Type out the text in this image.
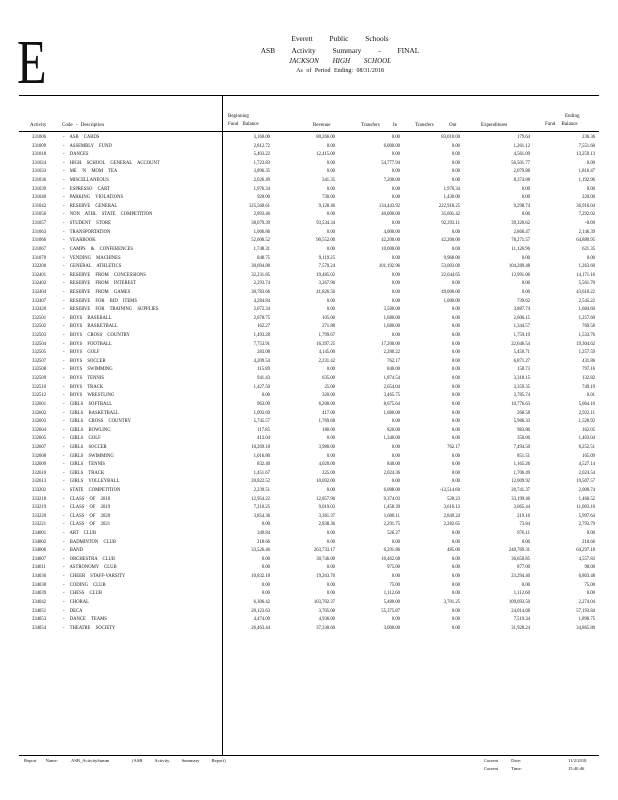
E	Everett Public Schools
ASB Activity Summary - FINAL
JACKSON HIGH SCHOOL
As of Period Ending: 08/31/2018
Activity	Code - Description
Beginning
Fund Balance	Revenue	Transfers In	Transfers Out	Expenditures
Ending
Fund Balance
331006	- ASB CARDS	3,160.00	80,266.00	0.00	83,010.00	179.64	236.36
331009	- ASSEMBLY FUND	2,812.72	0.00	6,000.00	0.00	1,261.12	7,551.60
331018	- DANCES	5,403.22	12,415.00	0.00	0.00	4,561.09	13,259.13
331024	- HIGH SCHOOL GENERAL ACCOUNT	1,723.83	0.00	54,777.94	0.00	56,501.77	0.00
331033	- ME 'N MOM TEA	3,896.35	0.00	0.00	0.00	2,079.88	1,816.47
331036	- MISCELLANEOUS	2,026.49	341.35	7,200.00	0.00	8,374.88	1,192.96
331039	- ESPRESSO CART	1,976.34	0.00	0.00	1,976.34	0.00	0.00
331040	- PARKING VIOLATIONS	920.00	730.00	0.00	1,430.00	0.00	220.00
331042	- RESERVE GENERAL	125,560.61	9,128.46	134,443.92	222,918.25	9,298.74	36,916.04
331056	- NON ATHL STATE COMPETITION	2,893.46	0.00	40,000.00	35,601.42	0.00	7,292.02
331057	- STUDENT STORE	38,079.39	93,534.34	0.00	92,293.11	39,320.62	-0.00
331063	- TRANSPORTATION	1,006.86	0.00	4,000.00	0.00	2,860.47	2,146.39
331066	- YEARBOOK	52,600.52	90,552.00	42,200.00	42,200.00	78,271.57	64,880.95
331067	- CAMPS & CONFERENCES	1,748.31	0.00	10,000.00	0.00	11,126.96	621.35
331070	- VENDING MACHINES	848.75	9,119.25	0.00	9,968.00	0.00	0.00
332200	- GENERAL ATHLETICS	30,694.88	7,570.24	101,192.96	53,003.00	104,289.48	1,263.60
332401	- RESERVE FROM CONCESSIONS	32,231.85	19,485.02	0.00	22,644.65	13,991.06	14,171.16
332402	- RESERVE FROM INTEREST	2,293.74	3,267.96	0.00	0.00	0.00	5,561.70
332404	- RESERVE FROM GAMES	30,783.66	41,826.56	0.00	49,000.00	0.00	43,610.22
332407	- RESERVE FOR BID ITEMS	4,284.84	0.00	0.00	1,000.00	739.62	2,545.22
332420	- RESERVE FOR TRAINING SUPPLIES	2,072.34	0.00	3,500.00	0.00	3,887.74	1,684.60
332501	- BOYS BASEBALL	2,078.75	105.00	1,680.00	0.00	2,606.15	1,257.60
332502	- BOYS BASKETBALL	162.27	271.88	1,680.00	0.00	1,344.57	769.58
332503	- BOYS CROSS COUNTRY	1,493.28	1,799.67	0.00	0.00	1,759.19	1,533.76
332504	- BOYS FOOTBALL	7,753.91	16,397.25	17,200.00	0.00	22,046.54	19,304.62
332505	- BOYS GOLF	283.08	4,145.00	2,280.22	0.00	5,450.71	1,257.59
332507	- BOYS SOCCER	4,209.54	2,231.42	762.17	0.00	6,871.27	431.86
332508	- BOYS SWIMMING	115.89	0.00	840.00	0.00	158.73	797.16
332509	- BOYS TENNIS	941.43	635.00	1,874.54	0.00	3,318.15	132.82
332510	- BOYS TRACK	1,427.50	25.00	2,654.04	0.00	3,359.35	749.19
332512	- BOYS WRESTLING	0.00	320.00	3,465.75	0.00	3,785.74	0.01
332601	- GIRLS SOFTBALL	963.09	6,200.00	8,675.64	0.00	10,776.63	5,064.10
332602	- GIRLS BASKETBALL	1,093.69	417.00	1,680.00	0.00	268.58	2,922.11
332603	- GIRLS CROSS COUNTRY	5,745.57	1,769.68	0.00	0.00	5,986.33	1,528.92
332604	- GIRLS BOWLING	117.85	180.00	820.00	0.00	983.80	162.05
332605	- GIRLS GOLF	413.04	0.00	1,340.00	0.00	350.00	1,403.04
332607	- GIRLS SOCCER	10,269.18	3,980.00	0.00	762.17	7,494.50	6,252.51
332608	- GIRLS SWIMMING	1,016.80	0.00	0.00	0.00	851.51	165.09
332609	- GIRLS TENNIS	832.40	4,020.00	840.00	0.00	1,165.26	4,527.14
332610	- GIRLS TRACK	1,451.67	225.00	2,024.36	0.00	1,706.49	2,024.54
332613	- GIRLS VOLLEYBALL	20,822.52	10,692.00	0.00	0.00	12,009.92	19,507.57
333202	- STATE COMPETITION	2,239.51	0.00	6,088.00	-13,514.60	20,741.37	2,000.74
333218	- CLASS OF 2018	12,954.22	12,857.96	9,374.03	528.23	33,199.46	1,460.52
333219	- CLASS OF 2019	7,210.25	9,019.03	1,458.39	3,616.13	3,065.44	11,003.10
333220	- CLASS OF 2020	3,854.36	3,361.37	1,600.11	2,849.24	219.16	5,997.64
333221	- CLASS OF 2021	0.00	2,838.36	2,291.75	2,282.65	73.84	2,793.79
334001	- ART CLUB	349.84	0.00	526.27	0.00	876.11	0.00
334002	- BADMINTON CLUB	218.66	0.00	0.00	0.00	0.00	218.66
334006	- BAND	33,526.46	263,733.17	6,291.86	485.00	240,769.31	64,297.18
334007	- ORCHESTRA CLUB	0.00	30,746.00	10,462.68	0.00	36,650.85	4,557.83
334011	- ASTRONOMY CLUB	0.00	0.00	975.00	0.00	877.00	98.00
334036	- CHEER STAFF-VARSITY	10,832.18	19,263.70	0.00	0.00	23,294.40	6,803.48
334038	- CODING CLUB	0.00	0.00	75.00	0.00	0.00	75.00
334039	- CHESS CLUB	0.00	0.00	1,112.60	0.00	1,112.60	0.00
334042	- CHORAL	6,306.42	103,702.37	5,480.00	3,701.25	109,693.50	2,274.04
334051	- DECA	20,123.63	3,705.00	55,375.87	0.00	24,014.68	57,193.84
334053	- DANCE TEAMS	4,474.09	4,936.00	0.00	0.00	7,519.34	1,890.75
334054	- THEATRE SOCIETY	26,463.44	37,330.60	3,000.00	0.00	31,928.24	34,865.80
Report Name:	ASB_ActivitySumm	(ASB Activity Summary Report)	Current Date:	11/2/2018
Current Time:	15:40:46
